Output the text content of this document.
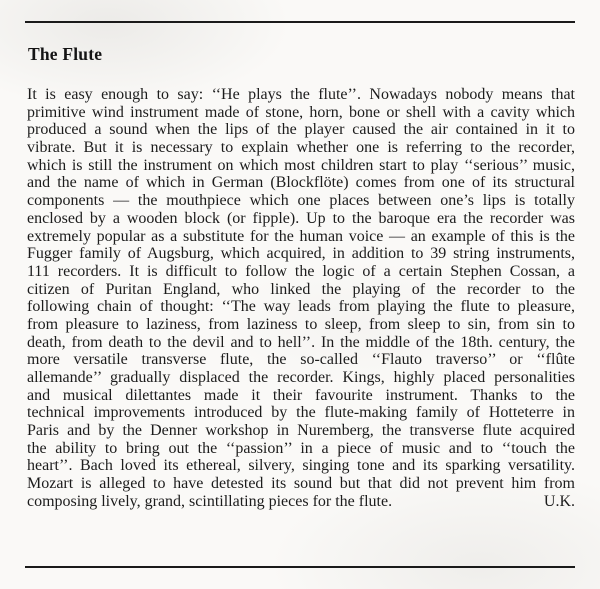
The Flute
It is easy enough to say: ‘‘He plays the flute’’. Nowadays nobody means that
primitive wind instrument made of stone, horn, bone or shell with a cavity which
produced a sound when the lips of the player caused the air contained in it to
vibrate. But it is necessary to explain whether one is referring to the recorder,
which is still the instrument on which most children start to play ‘‘serious’’ music,
and the name of which in German (Blockflöte) comes from one of its structural
components — the mouthpiece which one places between one’s lips is totally
enclosed by a wooden block (or fipple). Up to the baroque era the recorder was
extremely popular as a substitute for the human voice — an example of this is the
Fugger family of Augsburg, which acquired, in addition to 39 string instruments,
111 recorders. It is difficult to follow the logic of a certain Stephen Cossan, a
citizen of Puritan England, who linked the playing of the recorder to the
following chain of thought: ‘‘The way leads from playing the flute to pleasure,
from pleasure to laziness, from laziness to sleep, from sleep to sin, from sin to
death, from death to the devil and to hell’’. In the middle of the 18th. century, the
more versatile transverse flute, the so-called ‘‘Flauto traverso’’ or ‘‘flûte
allemande’’ gradually displaced the recorder. Kings, highly placed personalities
and musical dilettantes made it their favourite instrument. Thanks to the
technical improvements introduced by the flute-making family of Hotteterre in
Paris and by the Denner workshop in Nuremberg, the transverse flute acquired
the ability to bring out the ‘‘passion’’ in a piece of music and to ‘‘touch the
heart’’. Bach loved its ethereal, silvery, singing tone and its sparking versatility.
Mozart is alleged to have detested its sound but that did not prevent him from
composing lively, grand, scintillating pieces for the flute.	U.K.
